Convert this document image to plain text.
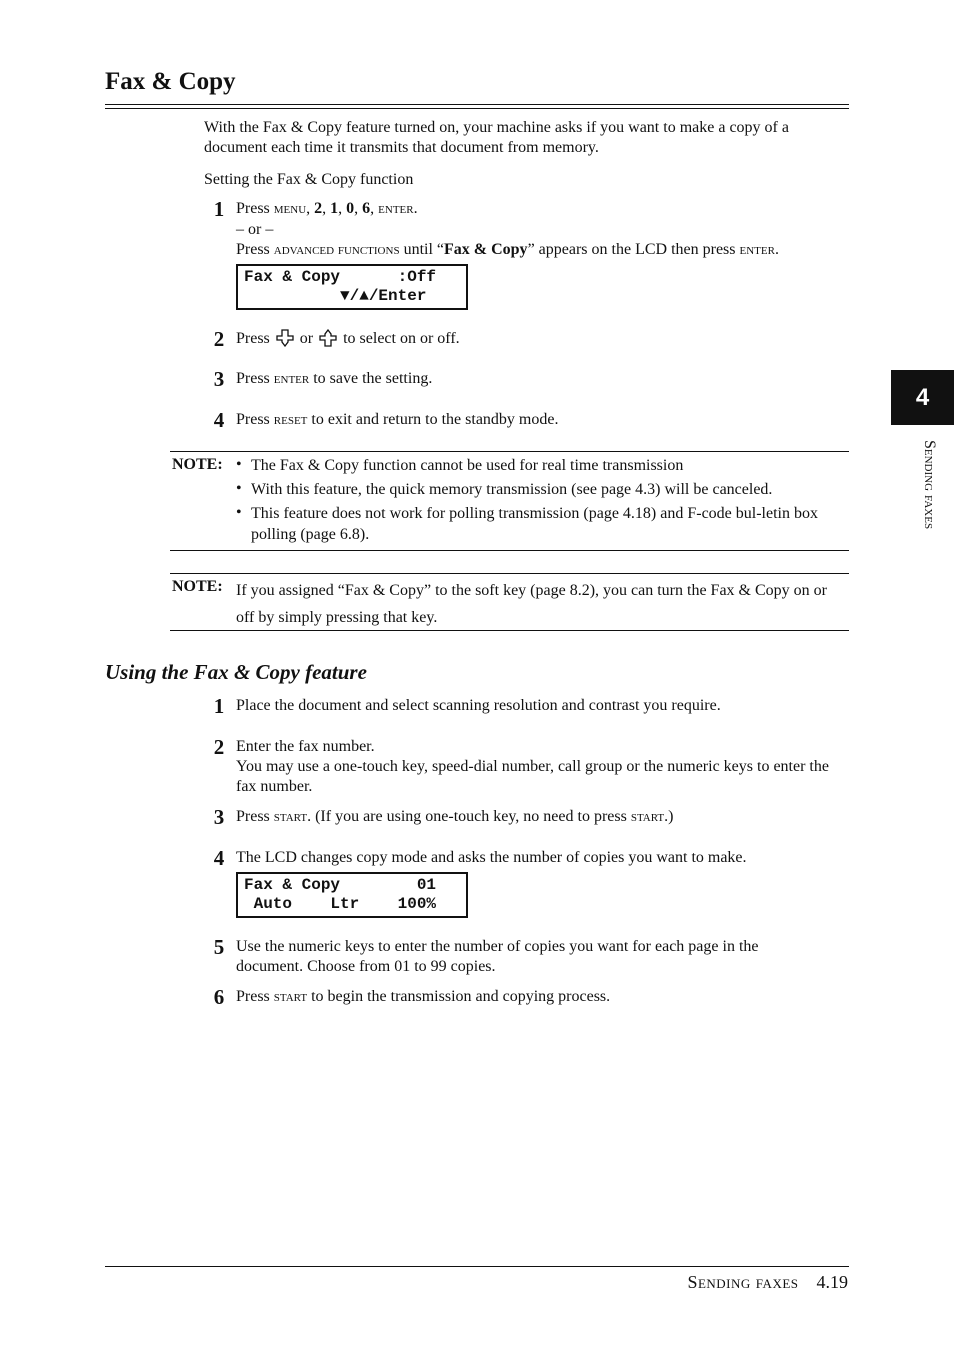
Fax & Copy
With the Fax & Copy feature turned on, your machine asks if you want to make a copy of a document each time it transmits that document from memory.
Setting the Fax & Copy function
1 Press menu, 2, 1, 0, 6, enter.
– or –
Press advanced functions until “Fax & Copy” appears on the LCD then press enter.
Fax & Copy      :Off
▼/▲/Enter
2 Press or to select on or off.
3 Press enter to save the setting.
4 Press reset to exit and return to the standby mode.
NOTE: • The Fax & Copy function cannot be used for real time transmission
• With this feature, the quick memory transmission (see page 4.3) will be canceled.
• This feature does not work for polling transmission (page 4.18) and F-code bul-letin box polling (page 6.8).
NOTE: If you assigned “Fax & Copy” to the soft key (page 8.2), you can turn the Fax & Copy on or off by simply pressing that key.
Using the Fax & Copy feature
1 Place the document and select scanning resolution and contrast you require.
2 Enter the fax number.
You may use a one-touch key, speed-dial number, call group or the numeric keys to enter the fax number.
3 Press start. (If you are using one-touch key, no need to press start.)
4 The LCD changes copy mode and asks the number of copies you want to make.
Fax & Copy        01
Auto    Ltr    100%
5 Use the numeric keys to enter the number of copies you want for each page in the document. Choose from 01 to 99 copies.
6 Press start to begin the transmission and copying process.
4
Sending faxes
Sending faxes 4.19
